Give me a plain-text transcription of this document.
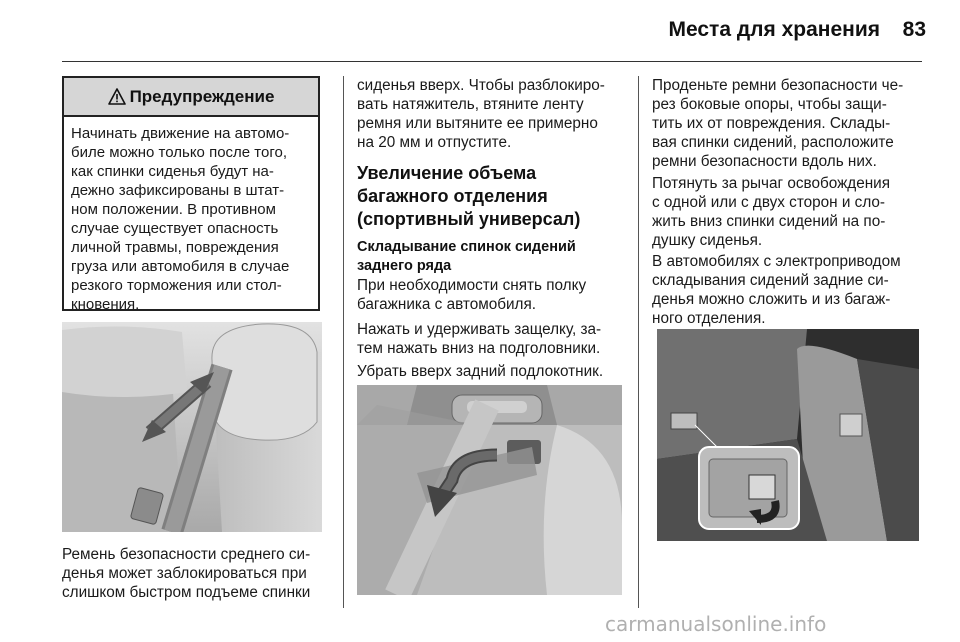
Места для хранения	83
Предупреждение
Начинать движение на автомо-
биле можно только после того,
как спинки сиденья будут на-
дежно зафиксированы в штат-
ном положении. В противном
случае существует опасность
личной травмы, повреждения
груза или автомобиля в случае
резкого торможения или стол-
кновения.
Ремень безопасности среднего си-
денья может заблокироваться при
слишком быстром подъеме спинки
сиденья вверх. Чтобы разблокиро-
вать натяжитель, втяните ленту
ремня или вытяните ее примерно
на 20 мм и отпустите.
Увеличение объема
багажного отделения
(спортивный универсал)
Складывание спинок сидений
заднего ряда
При необходимости снять полку
багажника с автомобиля.
Нажать и удерживать защелку, за-
тем нажать вниз на подголовники.
Убрать вверх задний подлокотник.
Проденьте ремни безопасности че-
рез боковые опоры, чтобы защи-
тить их от повреждения. Склады-
вая спинки сидений, расположите
ремни безопасности вдоль них.
Потянуть за рычаг освобождения
с одной или с двух сторон и сло-
жить вниз спинки сидений на по-
душку сиденья.
В автомобилях с электроприводом
складывания сидений задние си-
денья можно сложить и из багаж-
ного отделения.
carmanualsonline.info
